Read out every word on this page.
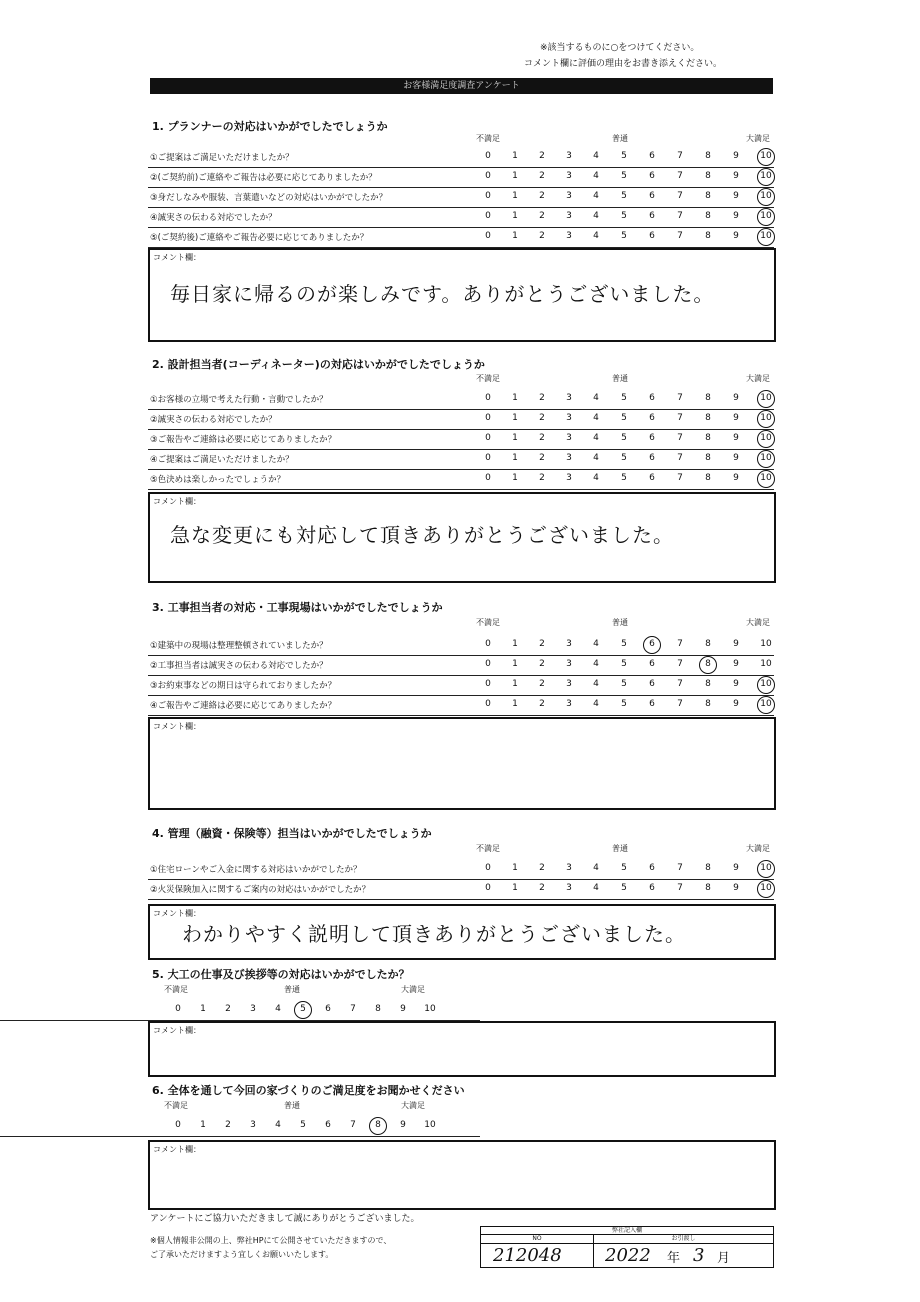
※該当するものに○をつけてください。
コメント欄に評価の理由をお書き添えください。
お客様満足度調査アンケート
1. プランナーの対応はいかがでしたでしょうか
不満足	普通	大満足
①ご提案はご満足いただけましたか？	0	1	2	3	4	5	6	7	8	9	10
②(ご契約前)ご連絡やご報告は必要に応じてありましたか？	0	1	2	3	4	5	6	7	8	9	10
③身だしなみや服装、言葉遣いなどの対応はいかがでしたか？	0	1	2	3	4	5	6	7	8	9	10
④誠実さの伝わる対応でしたか？	0	1	2	3	4	5	6	7	8	9	10
⑤(ご契約後)ご連絡やご報告必要に応じてありましたか？	0	1	2	3	4	5	6	7	8	9	10
コメント欄：
毎日家に帰るのが楽しみです。ありがとうございました。
2. 設計担当者(コーディネーター)の対応はいかがでしたでしょうか
不満足	普通	大満足
①お客様の立場で考えた行動・言動でしたか？	0	1	2	3	4	5	6	7	8	9	10
②誠実さの伝わる対応でしたか？	0	1	2	3	4	5	6	7	8	9	10
③ご報告やご連絡は必要に応じてありましたか？	0	1	2	3	4	5	6	7	8	9	10
④ご提案はご満足いただけましたか？	0	1	2	3	4	5	6	7	8	9	10
⑤色決めは楽しかったでしょうか？	0	1	2	3	4	5	6	7	8	9	10
コメント欄：
急な変更にも対応して頂きありがとうございました。
3. 工事担当者の対応・工事現場はいかがでしたでしょうか
不満足	普通	大満足
①建築中の現場は整理整頓されていましたか？	0	1	2	3	4	5	6	7	8	9	10
②工事担当者は誠実さの伝わる対応でしたか？	0	1	2	3	4	5	6	7	8	9	10
③お約束事などの期日は守られておりましたか？	0	1	2	3	4	5	6	7	8	9	10
④ご報告やご連絡は必要に応じてありましたか？	0	1	2	3	4	5	6	7	8	9	10
コメント欄：
4. 管理（融資・保険等）担当はいかがでしたでしょうか
不満足	普通	大満足
①住宅ローンやご入金に関する対応はいかがでしたか？	0	1	2	3	4	5	6	7	8	9	10
②火災保険加入に関するご案内の対応はいかがでしたか？	0	1	2	3	4	5	6	7	8	9	10
コメント欄：
わかりやすく説明して頂きありがとうございました。
5. 大工の仕事及び挨拶等の対応はいかがでしたか？
不満足	普通	大満足
0	1	2	3	4	5	6	7	8	9	10
コメント欄：
6. 全体を通して今回の家づくりのご満足度をお聞かせください
不満足	普通	大満足
0	1	2	3	4	5	6	7	8	9	10
コメント欄：
アンケートにご協力いただきまして誠にありがとうございました。
※個人情報非公開の上、弊社HPにて公開させていただきますので、
ご了承いただけますよう宜しくお願いいたします。
弊社記入欄
NO	お引渡し
212048 2022 年 3 月
